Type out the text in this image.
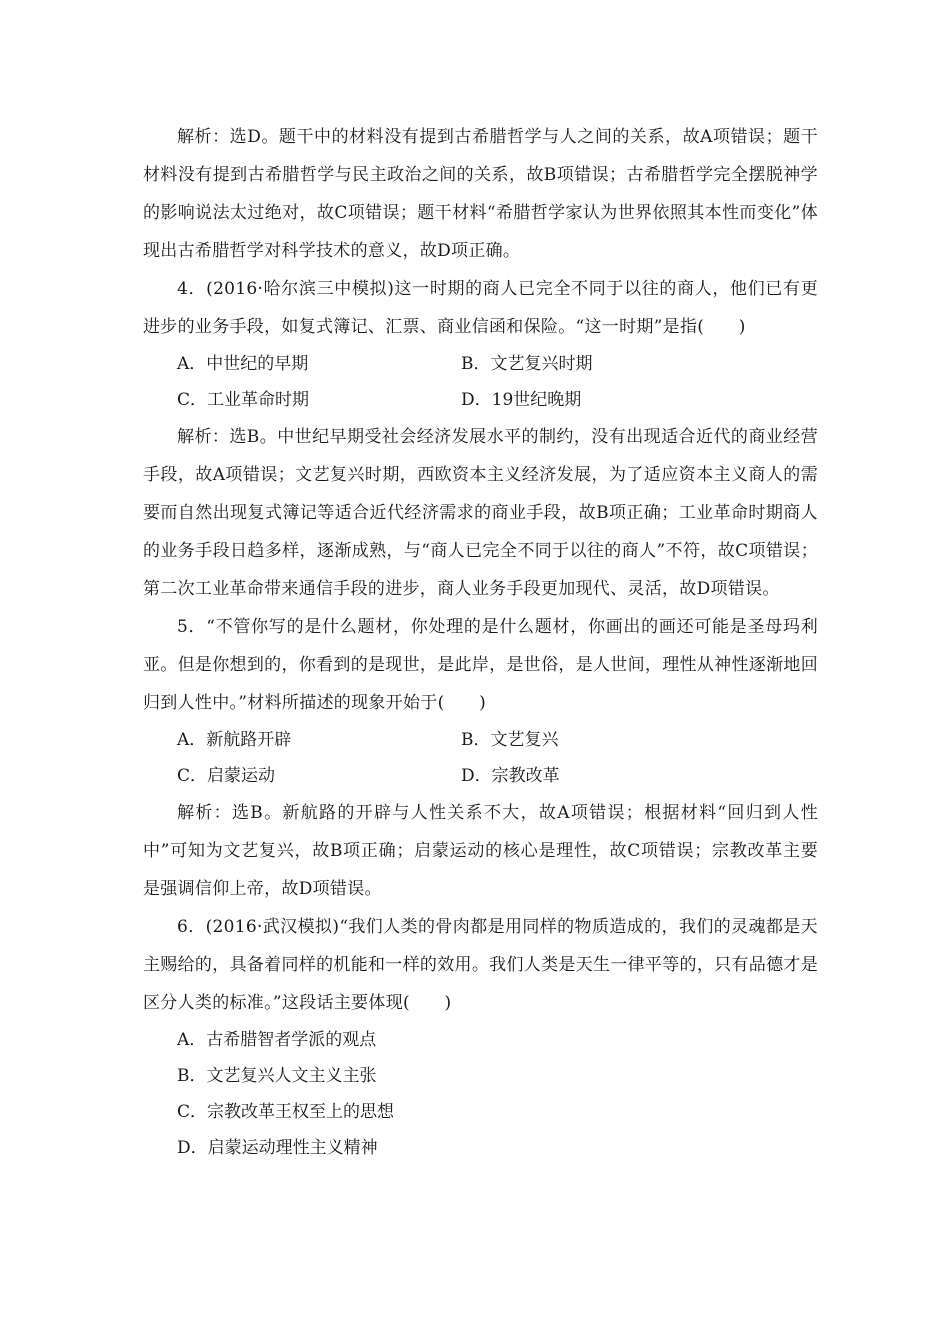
解析：选D。题干中的材料没有提到古希腊哲学与人之间的关系，故A项错误；题干材料没有提到古希腊哲学与民主政治之间的关系，故B项错误；古希腊哲学完全摆脱神学的影响说法太过绝对，故C项错误；题干材料“希腊哲学家认为世界依照其本性而变化”体现出古希腊哲学对科学技术的意义，故D项正确。

4．(2016·哈尔滨三中模拟)这一时期的商人已完全不同于以往的商人，他们已有更进步的业务手段，如复式簿记、汇票、商业信函和保险。“这一时期”是指(　　)

A．中世纪的早期	B．文艺复兴时期
C．工业革命时期	D．19世纪晚期

解析：选B。中世纪早期受社会经济发展水平的制约，没有出现适合近代的商业经营手段，故A项错误；文艺复兴时期，西欧资本主义经济发展，为了适应资本主义商人的需要而自然出现复式簿记等适合近代经济需求的商业手段，故B项正确；工业革命时期商人的业务手段日趋多样，逐渐成熟，与“商人已完全不同于以往的商人”不符，故C项错误；第二次工业革命带来通信手段的进步，商人业务手段更加现代、灵活，故D项错误。

5．“不管你写的是什么题材，你处理的是什么题材，你画出的画还可能是圣母玛利亚。但是你想到的，你看到的是现世，是此岸，是世俗，是人世间，理性从神性逐渐地回归到人性中。”材料所描述的现象开始于(　　)

A．新航路开辟	B．文艺复兴
C．启蒙运动	D．宗教改革

解析：选B。新航路的开辟与人性关系不大，故A项错误；根据材料“回归到人性中”可知为文艺复兴，故B项正确；启蒙运动的核心是理性，故C项错误；宗教改革主要是强调信仰上帝，故D项错误。

6．(2016·武汉模拟)“我们人类的骨肉都是用同样的物质造成的，我们的灵魂都是天主赐给的，具备着同样的机能和一样的效用。我们人类是天生一律平等的，只有品德才是区分人类的标准。”这段话主要体现(　　)

A．古希腊智者学派的观点
B．文艺复兴人文主义主张
C．宗教改革王权至上的思想
D．启蒙运动理性主义精神
